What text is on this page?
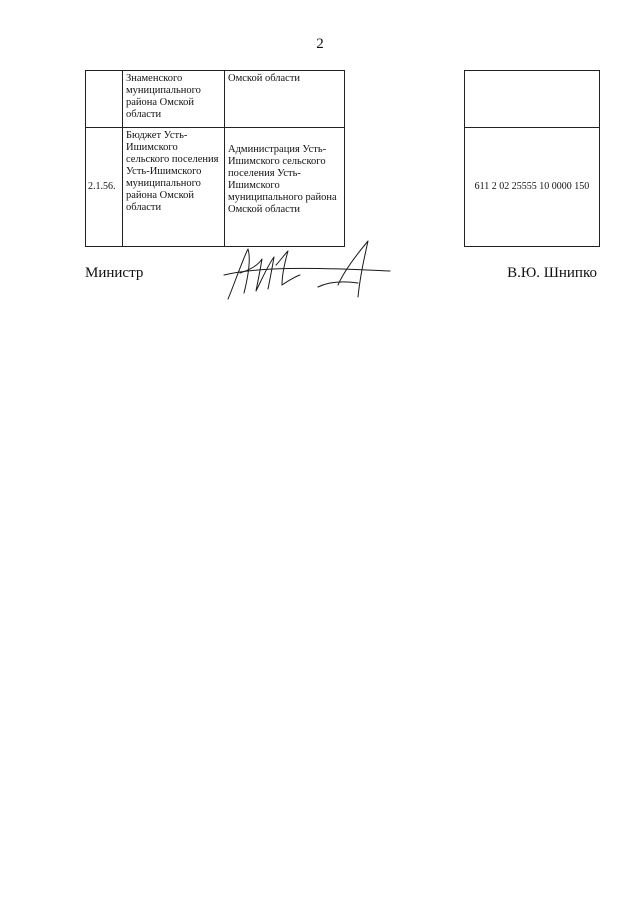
2
	Знаменского муниципального района Омской области	Омской области		
2.1.56.	Бюджет Усть-Ишимского сельского поселения Усть-Ишимского муниципального района Омской области	Администрация Усть-Ишимского сельского поселения Усть-Ишимского муниципального района Омской области		611 2 02 25555 10 0000 150
Министр	В.Ю. Шнипко
